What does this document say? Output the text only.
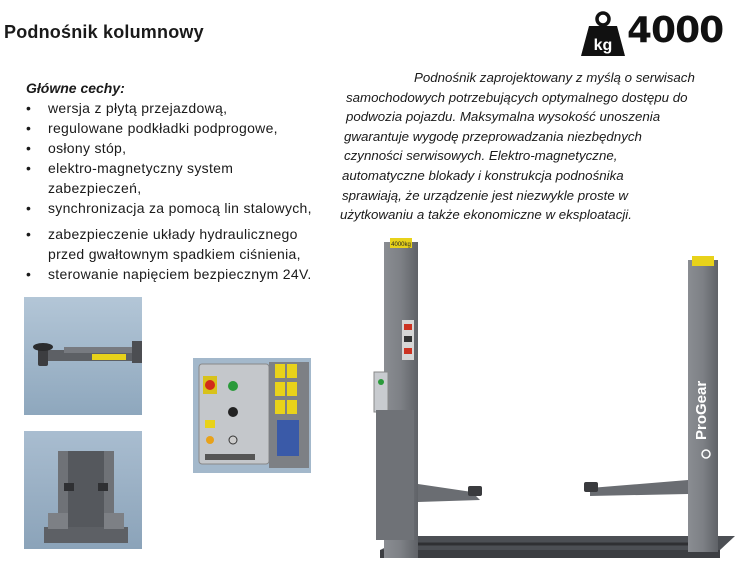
Podnośnik kolumnowy
kg 4000
Główne cechy:
• wersja z płytą przejazdową,
• regulowane podkładki podprogowe,
• osłony stóp,
• elektro-magnetyczny system zabezpieczeń,
• synchronizacja za pomocą lin stalowych,
• zabezpieczenie układy hydraulicznego przed gwałtownym spadkiem ciśnienia,
• sterowanie napięciem bezpiecznym 24V.
Podnośnik zaprojektowany z myślą o serwisach
samochodowych potrzebujących optymalnego dostępu do
podwozia pojazdu. Maksymalna wysokość unoszenia
gwarantuje wygodę przeprowadzania niezbędnych
czynności serwisowych. Elektro-magnetyczne,
automatyczne blokady i konstrukcja podnośnika
sprawiają, że urządzenie jest niezwykle proste w
użytkowaniu a także ekonomiczne w eksploatacji.
4000kg
ProGear
